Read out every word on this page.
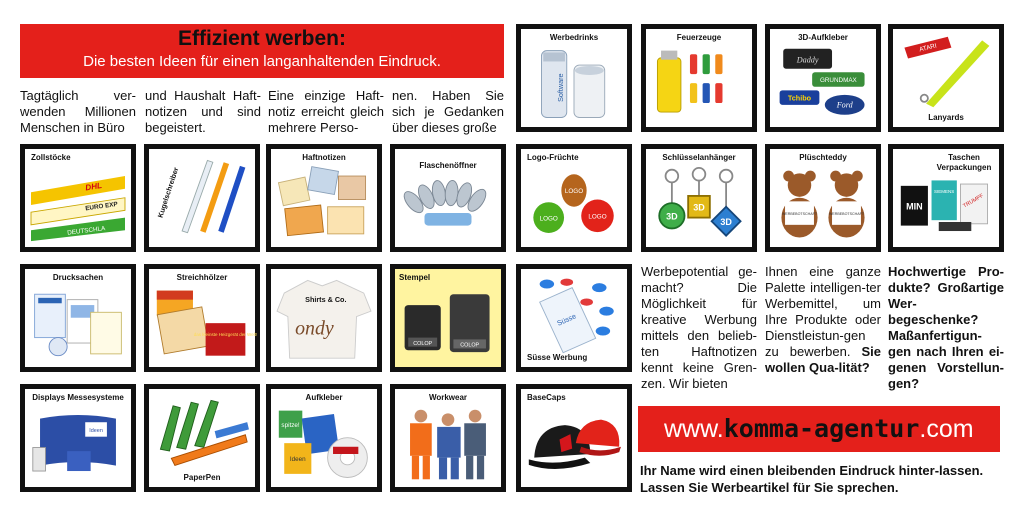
Effizient werben:
Die besten Ideen für einen langanhaltenden Eindruck.
Tagtäglich ver-wenden Millionen Menschen in Büro
und Haushalt Haft-notizen und sind begeistert.
Eine einzige Haft-notiz erreicht gleich mehrere Perso-
nen. Haben Sie sich je Gedanken über dieses große
Werbedrinks
Software
Feuerzeuge	3D-Aufkleber
Daddy
GRUNDMAX
Tchibo
Ford
ATARI
Lanyards
Zollstöcke
DHL
EURO EXP
DEUTSCHLA
Kugelschreiber
Haftnotizen
Flaschenöffner
Logo-Früchte
LOGO
LOGO	LOGO
Schlüsselanhänger
3D
3D
3D
Plüschteddy
WERBEBOTSCHAFT	WERBEBOTSCHAFT
Taschen Verpackungen
MIN
SIEMENS
TRUMPF
Drucksachen	Streichhölzer
das kleinste Heizgerät der Welt!
Shirts & Co.
ondy
Stempel
COLOP	COLOP
Süsse
Süsse Werbung
Werbepotential ge-macht? Die Möglichkeit für kreative Werbung mittels den belieb-ten Haftnotizen kennt keine Gren-zen. Wir bieten
Ihnen eine ganze Palette intelligen-ter Werbemittel, um Ihre Produkte oder Dienstleistun-gen zu bewerben. Sie wollen Qua-lität?
Hochwertige Pro-dukte? Großartige Wer-begeschenke? Maßanfertigun-gen nach Ihren ei-genen Vorstellun-gen?
Displays Messesysteme
Ideen
PaperPen
Aufkleber
spitze!
Ideen
Workwear	BaseCaps
www.komma-agentur.com
Ihr Name wird einen bleibenden Eindruck hinter-lassen. Lassen Sie Werbeartikel für Sie sprechen.
